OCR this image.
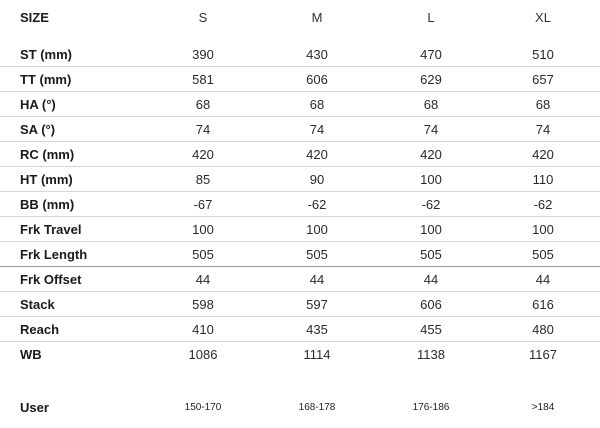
SIZE	S	M	L	XL
ST (mm)	390	430	470	510
TT (mm)	581	606	629	657
HA (°)	68	68	68	68
SA (°)	74	74	74	74
RC (mm)	420	420	420	420
HT (mm)	85	90	100	110
BB (mm)	-67	-62	-62	-62
Frk Travel	100	100	100	100
Frk Length	505	505	505	505
Frk Offset	44	44	44	44
Stack	598	597	606	616
Reach	410	435	455	480
WB	1086	1114	1138	1167
User	150-170	168-178	176-186	>184
